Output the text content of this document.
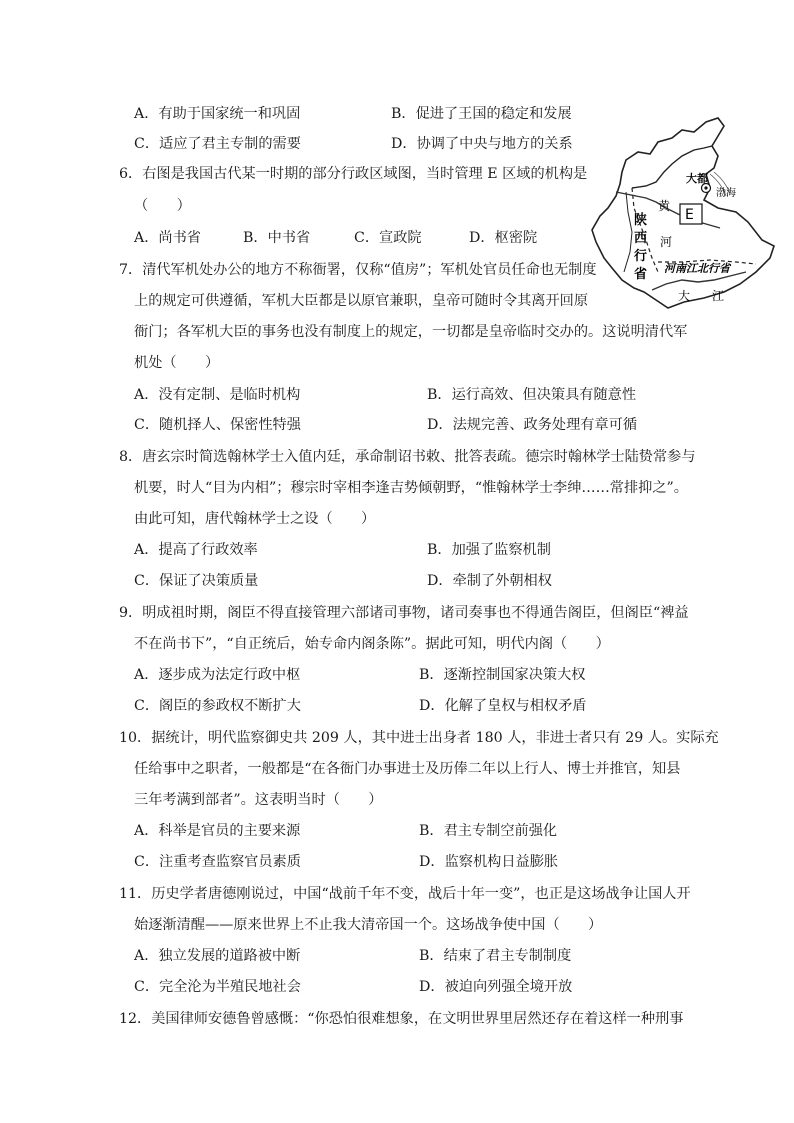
A．有助于国家统一和巩固	B．促进了王国的稳定和发展
C．适应了君主专制的需要	D．协调了中央与地方的关系
6．右图是我国古代某一时期的部分行政区域图，当时管理 E 区域的机构是
（　　）
A．尚书省	B．中书省	C．宣政院	D．枢密院
大都
渤海
E
黄
河
陕
西
行
省 河南江北行省
大 江
7．清代军机处办公的地方不称衙署，仅称“值房”；军机处官员任命也无制度
上的规定可供遵循，军机大臣都是以原官兼职，皇帝可随时令其离开回原
衙门；各军机大臣的事务也没有制度上的规定，一切都是皇帝临时交办的。这说明清代军
机处（　　）
A．没有定制、是临时机构	B．运行高效、但决策具有随意性
C．随机择人、保密性特强	D．法规完善、政务处理有章可循
8．唐玄宗时简选翰林学士入值内廷，承命制诏书敕、批答表疏。德宗时翰林学士陆贽常参与
机要，时人“目为内相”；穆宗时宰相李逢吉势倾朝野，“惟翰林学士李绅……常排抑之”。
由此可知，唐代翰林学士之设（　　）
A．提高了行政效率	B．加强了监察机制
C．保证了决策质量	D．牵制了外朝相权
9．明成祖时期，阁臣不得直接管理六部诸司事物，诸司奏事也不得通告阁臣，但阁臣“裨益
不在尚书下”，“自正统后，始专命内阁条陈”。据此可知，明代内阁（　　）
A．逐步成为法定行政中枢	B．逐渐控制国家决策大权
C．阁臣的参政权不断扩大	D．化解了皇权与相权矛盾
10．据统计，明代监察御史共 209 人，其中进士出身者 180 人，非进士者只有 29 人。实际充
任给事中之职者，一般都是“在各衙门办事进士及历俸二年以上行人、博士并推官，知县
三年考满到部者”。这表明当时（　　）
A．科举是官员的主要来源	B．君主专制空前强化
C．注重考查监察官员素质	D．监察机构日益膨胀
11．历史学者唐德刚说过，中国“战前千年不变，战后十年一变”，也正是这场战争让国人开
始逐渐清醒——原来世界上不止我大清帝国一个。这场战争使中国（　　）
A．独立发展的道路被中断	B．结束了君主专制制度
C．完全沦为半殖民地社会	D．被迫向列强全境开放
12．美国律师安德鲁曾感慨：“你恐怕很难想象，在文明世界里居然还存在着这样一种刑事
